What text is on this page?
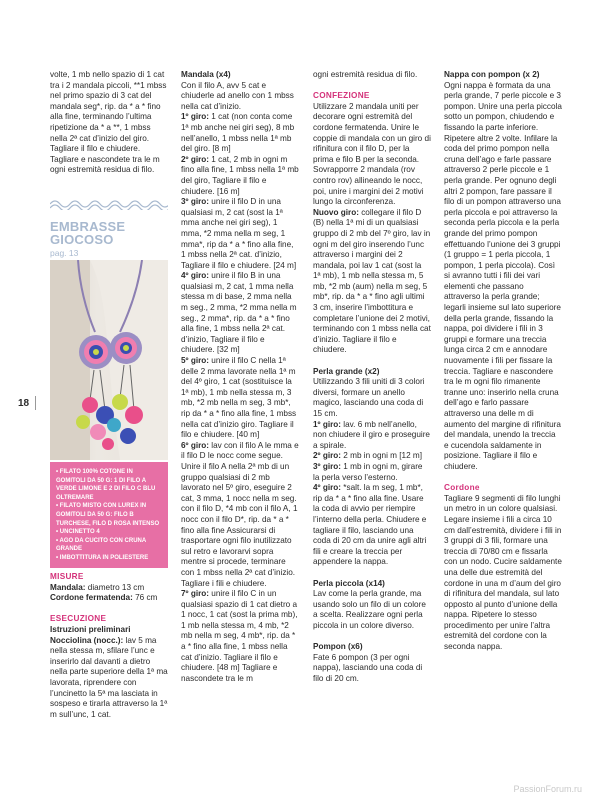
18

volte, 1 mb nello spazio di 1 cat tra i 2 mandala piccoli, **1 mbss nel primo spazio di 3 cat del mandala seg*, rip. da * a * fino alla fine, terminando l’ultima ripetizione da * a **, 1 mbss nella 2ª cat d’inizio del giro. Tagliare il filo e chiudere. Tagliare e nascondete tra le m ogni estremità residua di filo.

EMBRASSE
GIOCOSO
pag. 13
• FILATO 100% COTONE IN GOMITOLI DA 50 G: 1 DI FILO A VERDE LIMONE E 2 DI FILO C BLU OLTREMARE
• FILATO MISTO CON LUREX IN GOMITOLI DA 50 G: FILO B TURCHESE, FILO D ROSA INTENSO
• UNCINETTO 4
• AGO DA CUCITO CON CRUNA GRANDE
• IMBOTTITURA IN POLIESTERE

MISURE

Mandala: diametro 13 cm

Cordone fermatenda: 76 cm

ESECUZIONE

Istruzioni preliminari

Nocciolina (nocc.): lav 5 ma nella stessa m, sfilare l’unc e inserirlo dal davanti a dietro nella parte superiore della 1ª ma lavorata, riprendere con l’uncinetto la 5ª ma lasciata in sospeso e tirarla attraverso la 1ª m sull’unc, 1 cat.

Mandala (x4)

Con il filo A, avv 5 cat e chiuderle ad anello con 1 mbss nella cat d’inizio.

1º giro: 1 cat (non conta come 1ª mb anche nei giri seg), 8 mb nell’anello, 1 mbss nella 1ª mb del giro. [8 m]

2º giro: 1 cat, 2 mb in ogni m fino alla fine, 1 mbss nella 1ª mb del giro, Tagliare il filo e chiudere. [16 m]

3º giro: unire il filo D in una qualsiasi m, 2 cat (sost la 1ª mma anche nei giri seg), 1 mma, *2 mma nella m seg, 1 mma*, rip da * a * fino alla fine, 1 mbss nella 2ª cat. d’inizio, Tagliare il filo e chiudere. [24 m]

4º giro: unire il filo B in una qualsiasi m, 2 cat, 1 mma nella stessa m di base, 2 mma nella m seg., 2 mma, *2 mma nella m seg., 2 mma*, rip. da * a * fino alla fine, 1 mbss nella 2ª cat. d’inizio, Tagliare il filo e chiudere. [32 m]

5º giro: unire il filo C nella 1ª delle 2 mma lavorate nella 1ª m del 4º giro, 1 cat (sostituisce la 1ª mb), 1 mb nella stessa m, 3 mb, *2 mb nella m seg, 3 mb*, rip da * a * fino alla fine, 1 mbss nella cat d’inizio giro. Tagliare il filo e chiudere. [40 m]

6º giro: lav con il filo A le mma e il filo D le nocc come segue. Unire il filo A nella 2ª mb di un gruppo qualsiasi di 2 mb lavorato nel 5º giro, eseguire 2 cat, 3 mma, 1 nocc nella m seg. con il filo D, *4 mb con il filo A, 1 nocc con il filo D*, rip. da * a * fino alla fine Assicurarsi di trasportare ogni filo inutilizzato sul retro e lavorarvi sopra mentre si procede, terminare con 1 mbss nella 2ª cat d’inizio. Tagliare i fili e chiudere.

7º giro: unire il filo C in un qualsiasi spazio di 1 cat dietro a 1 nocc, 1 cat (sost la prima mb), 1 mb nella stessa m, 4 mb, *2 mb nella m seg, 4 mb*, rip. da * a * fino alla fine, 1 mbss nella cat d’inizio. Tagliare il filo e chiudere. [48 m] Tagliare e nascondete tra le m

ogni estremità residua di filo.

CONFEZIONE

Utilizzare 2 mandala uniti per decorare ogni estremità del cordone fermatenda. Unire le coppie di mandala con un giro di rifinitura con il filo D, per la prima e filo B per la seconda. Sovrapporre 2 mandala (rov contro rov) allineando le nocc, poi, unire i margini dei 2 motivi lungo la circonferenza.

Nuovo giro: collegare il filo D (B) nella 1ª mi di un qualsiasi gruppo di 2 mb del 7º giro, lav in ogni m del giro inserendo l’unc attraverso i margini dei 2 mandala, poi lav 1 cat (sost la 1ª mb), 1 mb nella stessa m, 5 mb, *2 mb (aum) nella m seg, 5 mb*, rip. da * a * fino agli ultimi 3 cm, inserire l’imbottitura e completare l’unione dei 2 motivi, terminando con 1 mbss nella cat d’inizio. Tagliare il filo e chiudere.

Perla grande (x2)

Utilizzando 3 fili uniti di 3 colori diversi, formare un anello magico, lasciando una coda di 15 cm.

1º giro: lav. 6 mb nell’anello, non chiudere il giro e proseguire a spirale.

2º giro: 2 mb in ogni m [12 m]

3º giro: 1 mb in ogni m, girare la perla verso l’esterno.

4º giro: *salt. la m seg, 1 mb*, rip da * a * fino alla fine. Usare la coda di avvio per riempire l’interno della perla. Chiudere e tagliare il filo, lasciando una coda di 20 cm da unire agli altri fili e creare la treccia per appendere la nappa.

Perla piccola (x14)

Lav come la perla grande, ma usando solo un filo di un colore a scelta. Realizzare ogni perla piccola in un colore diverso.

Pompon (x6)

Fate 6 pompon (3 per ogni nappa), lasciando una coda di filo di 20 cm.

Nappa con pompon (x 2)

Ogni nappa è formata da una perla grande, 7 perle piccole e 3 pompon. Unire una perla piccola sotto un pompon, chiudendo e fissando la parte inferiore. Ripetere altre 2 volte. Infilare la coda del primo pompon nella cruna dell’ago e farle passare attraverso 2 perle piccole e 1 perla grande. Per ognuno degli altri 2 pompon, fare passare il filo di un pompon attraverso una perla piccola e poi attraverso la seconda perla piccola e la perla grande del primo pompon effettuando l’unione dei 3 gruppi (1 gruppo = 1 perla piccola, 1 pompon, 1 perla piccola). Così si avranno tutti i fili dei vari elementi che passano attraverso la perla grande; legarli insieme sul lato superiore della perla grande, fissando la nappa, poi dividere i fili in 3 gruppi e formare una treccia lunga circa 2 cm e annodare nuovamente i fili per fissare la treccia. Tagliare e nascondere tra le m ogni filo rimanente tranne uno: inserirlo nella cruna dell’ago e farlo passare attraverso una delle m di aumento del margine di rifinitura del mandala, unendo la treccia e cucendola saldamente in posizione. Tagliare il filo e chiudere.

Cordone

Tagliare 9 segmenti di filo lunghi un metro in un colore qualsiasi. Legare insieme i fili a circa 10 cm dall’estremità, dividere i fili in 3 gruppi di 3 fili, formare una treccia di 70/80 cm e fissarla con un nodo. Cucire saldamente una delle due estremità del cordone in una m d’aum del giro di rifinitura del mandala, sul lato opposto al punto d’unione della nappa. Ripetere lo stesso procedimento per unire l’altra estremità del cordone con la seconda nappa.

PassionForum.ru
